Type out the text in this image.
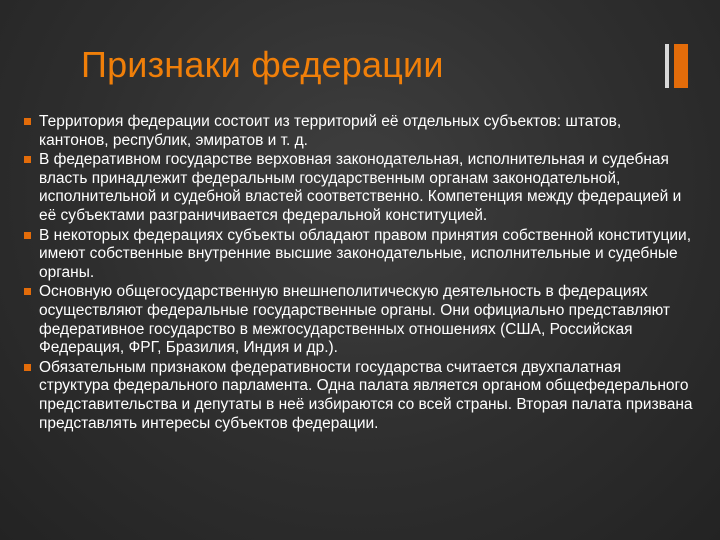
Признаки федерации
Территория федерации состоит из территорий её отдельных субъектов: штатов, кантонов, республик, эмиратов и т. д.
В федеративном государстве верховная законодательная, исполнительная и судебная власть принадлежит федеральным государственным органам законодательной, исполнительной и судебной властей соответственно. Компетенция между федерацией и её субъектами разграничивается федеральной конституцией.
В некоторых федерациях субъекты обладают правом принятия собственной конституции, имеют собственные внутренние высшие законодательные, исполнительные и судебные органы.
Основную общегосударственную внешнеполитическую деятельность в федерациях осуществляют федеральные государственные органы. Они официально представляют федеративное государство в межгосударственных отношениях (США, Российская Федерация, ФРГ, Бразилия, Индия и др.).
Обязательным признаком федеративности государства считается двухпалатная структура федерального парламента. Одна палата является органом общефедерального представительства и депутаты в неё избираются со всей страны. Вторая палата призвана представлять интересы субъектов федерации.
